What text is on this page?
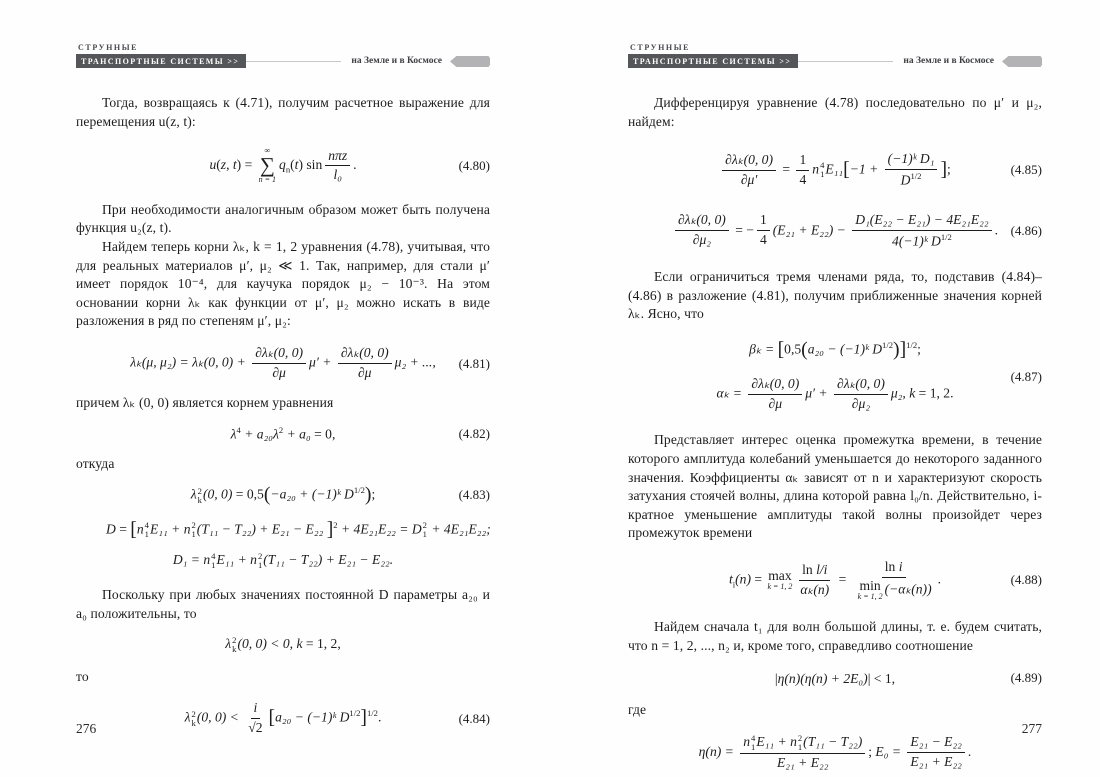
СТРУННЫЕ
ТРАНСПОРТНЫЕ СИСТЕМЫ >>	на Земле и в Космосе

Тогда, возвращаясь к (4.71), получим расчетное выражение для перемещения u(z, t):

u(z, t) =
∞
∑
n = 1
$q_n(t)$ $\sin \frac{\text{nπz}}{\text{l₀}}$ .	(4.80)

При необходимости аналогичным образом может быть получена функция u₂(z, t).

Найдем теперь корни λₖ, k = 1, 2 уравнения (4.78), учитывая, что для реальных материалов μ′, μ₂ ≪ 1. Так, например, для стали μ′ имеет порядок 10⁻⁴, для каучука порядок μ₂ − 10⁻³. На этом основании корни λₖ как функции от μ′, μ₂ можно искать в виде разложения в ряд по степеням μ′, μ₂:

λₖ(μ, μ₂) = λₖ(0, $0) + \frac{\text{∂λₖ(0, 0)}}{\partial\mu} \mu' + \frac{\text{∂λₖ(0, 0)}}{\partial\mu} \mu_2$ + ..., (4.81)

причем λₖ (0, 0) является корнем уравнения

$\lambda^4 + a_{20}\lambda^2 + a_0 = 0$,	(4.82)

откуда

λ 2
k (0, 0) = 0,5(−a₂₀ + (−1)ᵏ $D^{1/2}$);	(4.83)
D = [n 4
1 E₁₁ + n 2
1 (T₁₁ − T₂₂) + E₂₁ − E₂₂ ]$^2$ + 4E₂₁E₂₂ = D 2
1 + 4E₂₁E₂₂;
D₁ = n 4
1 E₁₁ + n 2
1 (T₁₁ − T₂₂) + E₂₁ − E₂₂.

Поскольку при любых значениях постоянной D параметры a₂₀ и a₀ положительны, то

λ 2
k (0, 0) < 0, k = 1, 2,

то

λ 2
k (0, $0) < \frac{i}{√2} [a_{20}$ − (−1)ᵏ $D^{1/2}]^{1/2}$.	(4.84)
276
СТРУННЫЕ
ТРАНСПОРТНЫЕ СИСТЕМЫ >>	на Земле и в Космосе

Дифференцируя уравнение (4.78) последовательно по μ′ и μ₂, найдем:

$\frac{\text{∂λₖ(0, 0)}}{\partial\mu'} = \frac{1}{4}$ n 4
1 $E_{11}[-1 + \frac{\text{(−1)ᵏ D₁}}{D^{1/2}}$ ];	(4.85)
$\frac{\text{∂λₖ(0, 0)}}{\text{∂μ₂}}$ = − $\frac{1}{4} (E_{21} + E_{22}) - \frac{\text{D₁(E₂₂ − E₂₁) − 4E₂₁E₂₂}}{4(-1)ᵏ D^{1/2}}$ . (4.86)

Если ограничиться тремя членами ряда, то, подставив (4.84)–(4.86) в разложение (4.81), получим приближенные значения корней λₖ. Ясно, что

βₖ = [0,5(a₂₀ − (−1)ᵏ $D^{1/2})]^{1/2}$;
$\alpha_k = \frac{\text{∂λₖ(0, 0)}}{\partial\mu} \mu' + \frac{\text{∂λₖ(0, 0)}}{\text{∂μ₂}} \mu_2$, k = 1, 2.
(4.87)

Представляет интерес оценка промежутка времени, в течение которого амплитуда колебаний уменьшается до некоторого заданного значения. Коэффициенты αₖ зависят от n и характеризуют скорость затухания стоячей волны, длина которой равна l₀/n. Действительно, i-кратное уменьшение амплитуды такой волны произойдет через промежуток времени

$t_i(n) = \max$
k = 1, $2 \frac{\text{ln l/i}}{\text{αₖ(n)}} = \ln i$
min
k = 1, 2
(−αₖ(n)) .	(4.88)

Найдем сначала t₁ для волн большой длины, т. е. будем считать, что n = 1, 2, ..., n₂ и, кроме того, справедливо соотношение

|η(n)(η(n) + 2E₀)| < 1,	(4.89)

где

η(n) = n 4
1 E₁₁ + n 2
1 (T₁₁ − T₂₂)
E₂₁ + E₂₂ ; $E_0 = \frac{\text{E₂₁ − E₂₂}}{\text{E₂₁ + E₂₂}}$ .
277
